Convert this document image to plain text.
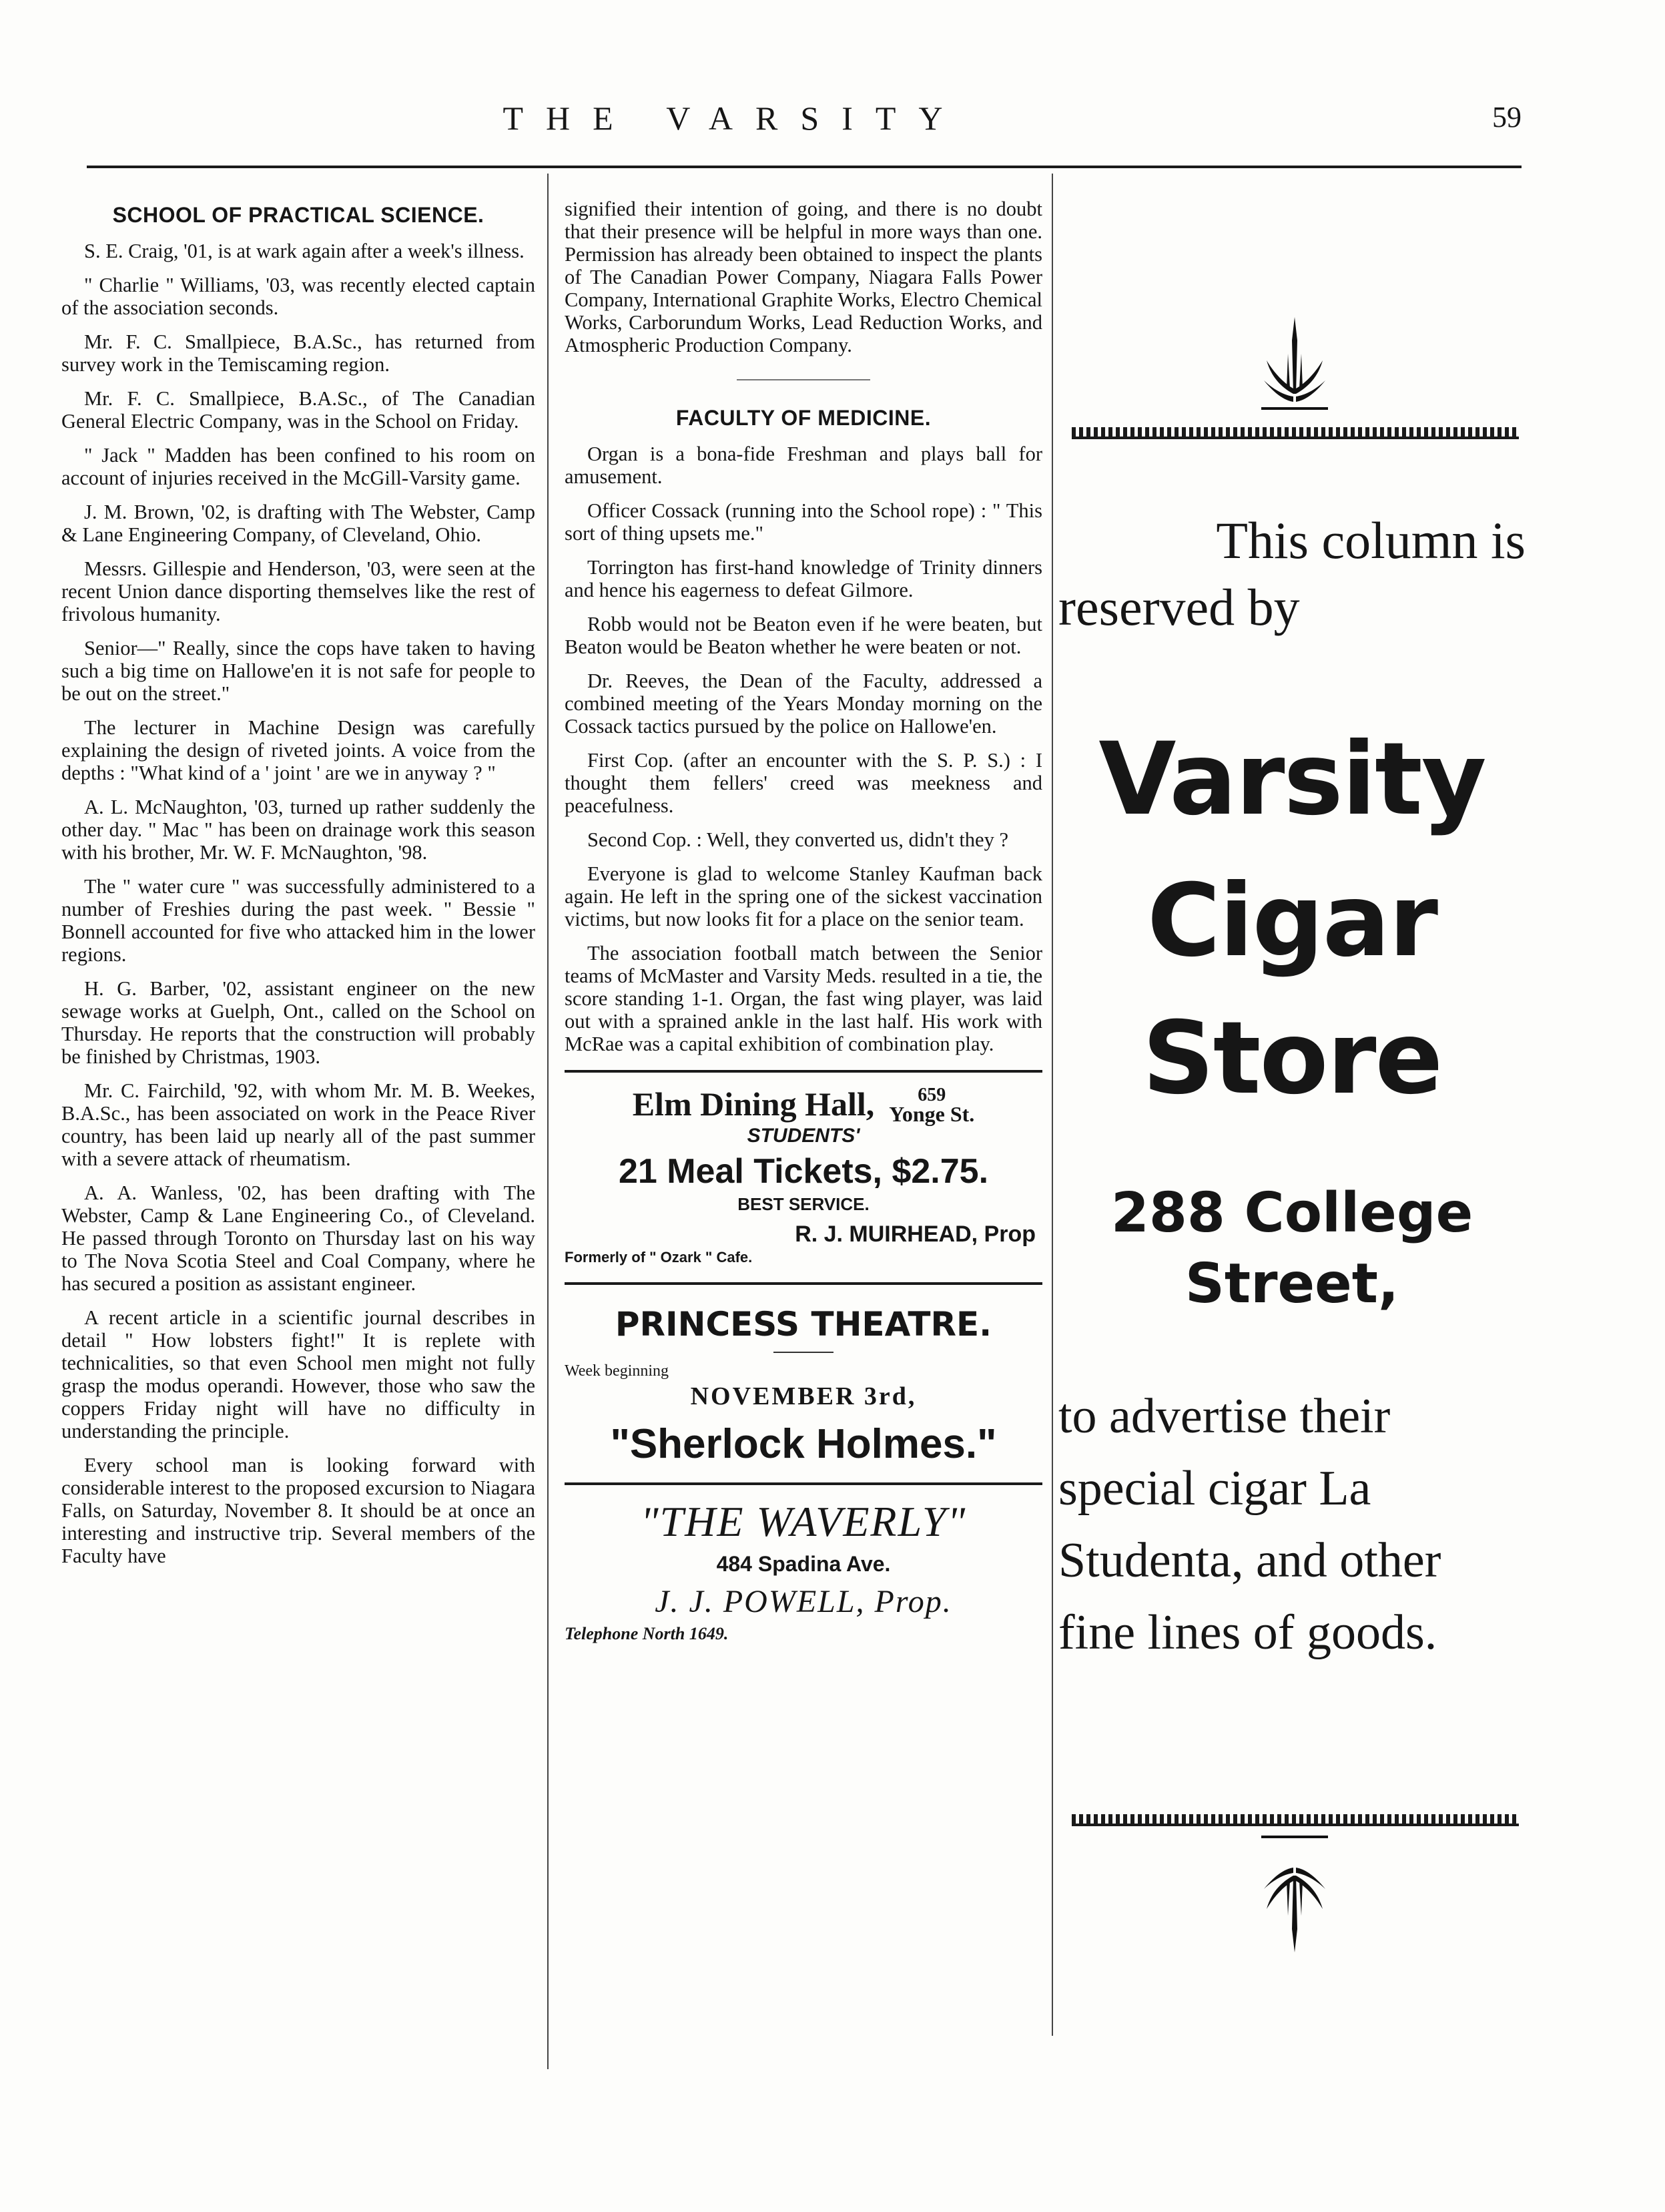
THE VARSITY	59
SCHOOL OF PRACTICAL SCIENCE.

S. E. Craig, '01, is at wark again after a week's illness.

" Charlie " Williams, '03, was recently elected captain of the association seconds.

Mr. F. C. Smallpiece, B.A.Sc., has returned from survey work in the Temiscaming region.

Mr. F. C. Smallpiece, B.A.Sc., of The Canadian General Electric Company, was in the School on Friday.

" Jack " Madden has been confined to his room on account of injuries received in the McGill-Varsity game.

J. M. Brown, '02, is drafting with The Webster, Camp & Lane Engineering Company, of Cleveland, Ohio.

Messrs. Gillespie and Henderson, '03, were seen at the recent Union dance disporting themselves like the rest of frivolous humanity.

Senior—" Really, since the cops have taken to having such a big time on Hallowe'en it is not safe for people to be out on the street."

The lecturer in Machine Design was carefully explaining the design of riveted joints. A voice from the depths : "What kind of a ' joint ' are we in anyway ? "

A. L. McNaughton, '03, turned up rather suddenly the other day. " Mac " has been on drainage work this season with his brother, Mr. W. F. McNaughton, '98.

The " water cure " was successfully administered to a number of Freshies during the past week. " Bessie " Bonnell accounted for five who attacked him in the lower regions.

H. G. Barber, '02, assistant engineer on the new sewage works at Guelph, Ont., called on the School on Thursday. He reports that the construction will probably be finished by Christmas, 1903.

Mr. C. Fairchild, '92, with whom Mr. M. B. Weekes, B.A.Sc., has been associated on work in the Peace River country, has been laid up nearly all of the past summer with a severe attack of rheumatism.

A. A. Wanless, '02, has been drafting with The Webster, Camp & Lane Engineering Co., of Cleveland. He passed through Toronto on Thursday last on his way to The Nova Scotia Steel and Coal Company, where he has secured a position as assistant engineer.

A recent article in a scientific journal describes in detail " How lobsters fight!" It is replete with technicalities, so that even School men might not fully grasp the modus operandi. However, those who saw the coppers Friday night will have no difficulty in understanding the principle.

Every school man is looking forward with considerable interest to the proposed excursion to Niagara Falls, on Saturday, November 8. It should be at once an interesting and instructive trip. Several members of the Faculty have

signified their intention of going, and there is no doubt that their presence will be helpful in more ways than one. Permission has already been obtained to inspect the plants of The Canadian Power Company, Niagara Falls Power Company, International Graphite Works, Electro Chemical Works, Carborundum Works, Lead Reduction Works, and Atmospheric Production Company.

FACULTY OF MEDICINE.

Organ is a bona-fide Freshman and plays ball for amusement.

Officer Cossack (running into the School rope) : " This sort of thing upsets me."

Torrington has first-hand knowledge of Trinity dinners and hence his eagerness to defeat Gilmore.

Robb would not be Beaton even if he were beaten, but Beaton would be Beaton whether he were beaten or not.

Dr. Reeves, the Dean of the Faculty, addressed a combined meeting of the Years Monday morning on the Cossack tactics pursued by the police on Hallowe'en.

First Cop. (after an encounter with the S. P. S.) : I thought them fellers' creed was meekness and peacefulness.

Second Cop. : Well, they converted us, didn't they ?

Everyone is glad to welcome Stanley Kaufman back again. He left in the spring one of the sickest vaccination victims, but now looks fit for a place on the senior team.

The association football match between the Senior teams of McMaster and Varsity Meds. resulted in a tie, the score standing 1-1. Organ, the fast wing player, was laid out with a sprained ankle in the last half. His work with McRae was a capital exhibition of combination play.

Elm Dining Hall, 659
Yonge St.
STUDENTS'
21 Meal Tickets, $2.75.
BEST SERVICE.
R. J. MUIRHEAD, Prop
Formerly of " Ozark " Cafe.
PRINCESS THEATRE.
Week beginning
NOVEMBER 3rd,
"Sherlock Holmes."
"THE WAVERLY"
484 Spadina Ave.
J. J. POWELL, Prop.
Telephone North 1649.
This column is
reserved by
Varsity
Cigar
Store
288 College
Street,
to advertise their
special cigar La
Studenta, and other
fine lines of goods.
